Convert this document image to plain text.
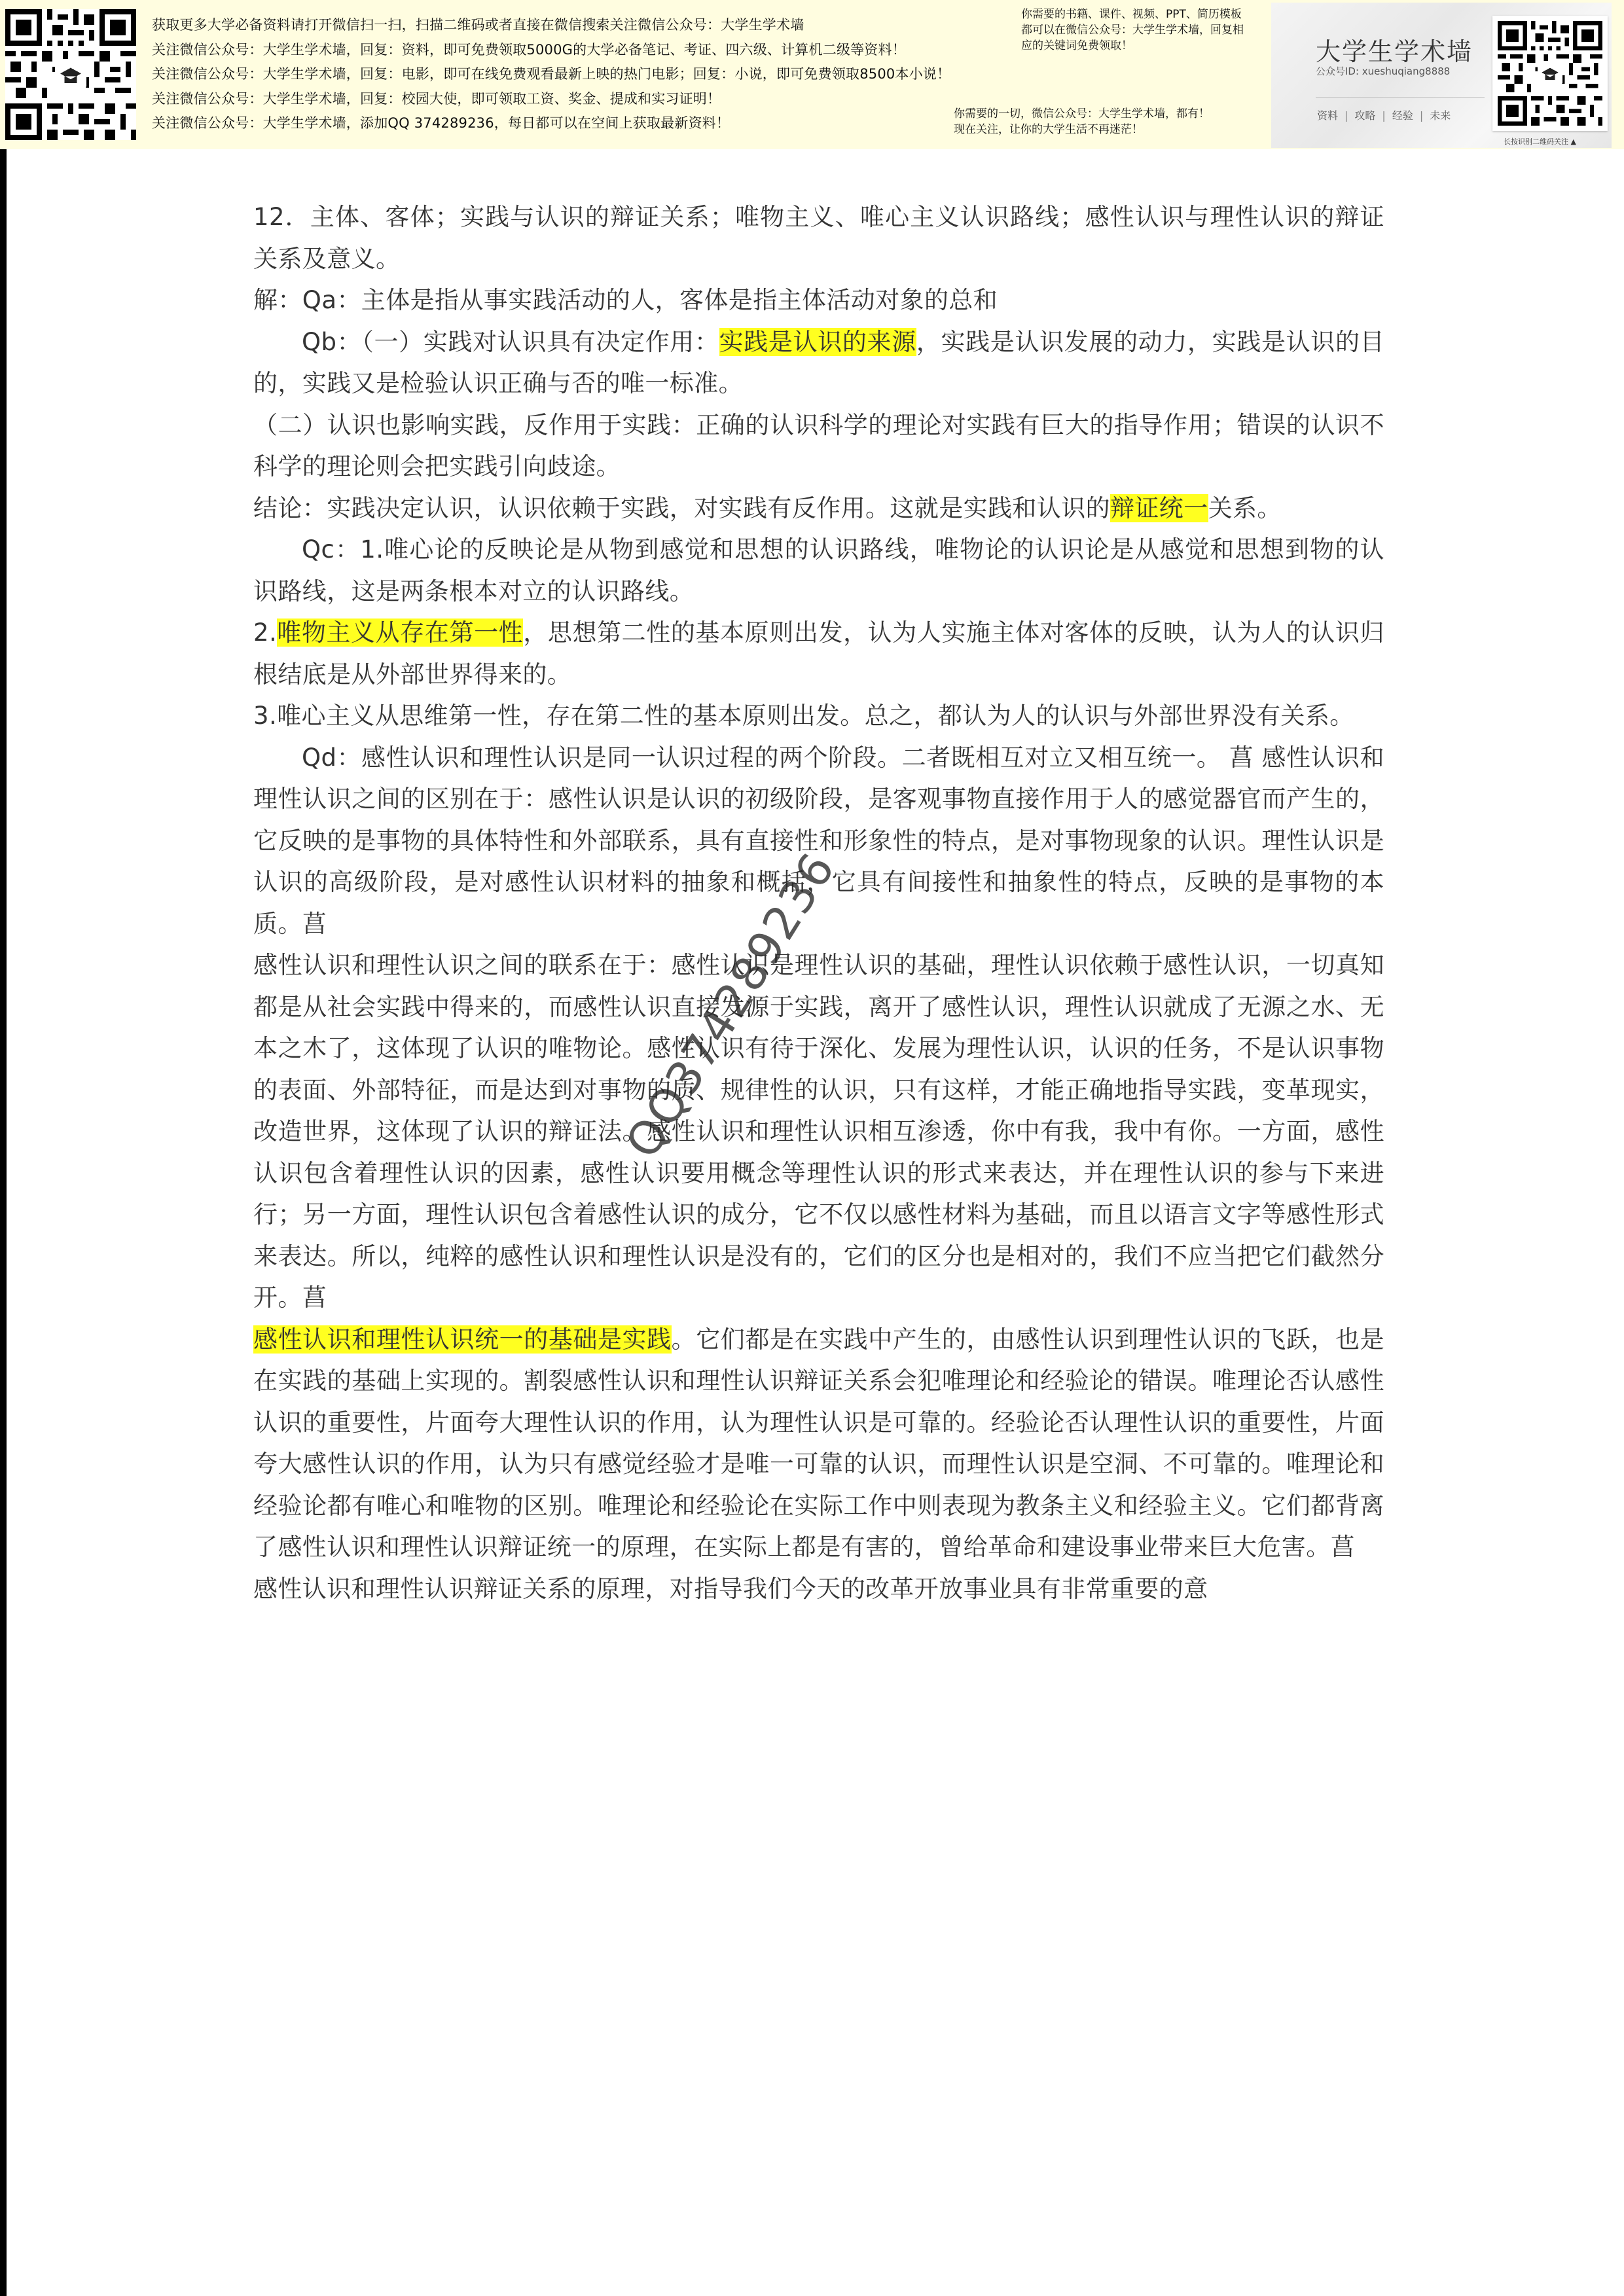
获取更多大学必备资料请打开微信扫一扫，扫描二维码或者直接在微信搜索关注微信公众号：大学生学术墙
关注微信公众号：大学生学术墙，回复：资料，即可免费领取5000G的大学必备笔记、考证、四六级、计算机二级等资料！
关注微信公众号：大学生学术墙，回复：电影，即可在线免费观看最新上映的热门电影；回复：小说，即可免费领取8500本小说！
关注微信公众号：大学生学术墙，回复：校园大使，即可领取工资、奖金、提成和实习证明！
关注微信公众号：大学生学术墙，添加QQ 374289236，每日都可以在空间上获取最新资料！
你需要的书籍、课件、视频、PPT、简历模板
都可以在微信公众号：大学生学术墙，回复相
应的关键词免费领取！
你需要的一切，微信公众号：大学生学术墙，都有！
现在关注，让你的大学生活不再迷茫！
大学生学术墙
公众号ID: xueshuqiang8888
资料 | 攻略 | 经验 | 未来
长按识别二维码关注 ▲

12．主体、客体；实践与认识的辩证关系；唯物主义、唯心主义认识路线；感性认识与理性认识的辩证关系及意义。

解：Qa：主体是指从事实践活动的人，客体是指主体活动对象的总和

Qb：（一）实践对认识具有决定作用：实践是认识的来源，实践是认识发展的动力，实践是认识的目的，实践又是检验认识正确与否的唯一标准。

（二）认识也影响实践，反作用于实践：正确的认识科学的理论对实践有巨大的指导作用；错误的认识不科学的理论则会把实践引向歧途。

结论：实践决定认识，认识依赖于实践，对实践有反作用。这就是实践和认识的辩证统一关系。

Qc：1.唯心论的反映论是从物到感觉和思想的认识路线，唯物论的认识论是从感觉和思想到物的认识路线，这是两条根本对立的认识路线。

2.唯物主义从存在第一性，思想第二性的基本原则出发，认为人实施主体对客体的反映，认为人的认识归根结底是从外部世界得来的。

3.唯心主义从思维第一性，存在第二性的基本原则出发。总之，都认为人的认识与外部世界没有关系。

Qd：感性认识和理性认识是同一认识过程的两个阶段。二者既相互对立又相互统一。 菖 感性认识和理性认识之间的区别在于：感性认识是认识的初级阶段，是客观事物直接作用于人的感觉器官而产生的，它反映的是事物的具体特性和外部联系，具有直接性和形象性的特点，是对事物现象的认识。理性认识是认识的高级阶段，是对感性认识材料的抽象和概括，它具有间接性和抽象性的特点，反映的是事物的本质。菖

感性认识和理性认识之间的联系在于：感性认识是理性认识的基础，理性认识依赖于感性认识，一切真知都是从社会实践中得来的，而感性认识直接发源于实践，离开了感性认识，理性认识就成了无源之水、无本之木了，这体现了认识的唯物论。感性认识有待于深化、发展为理性认识，认识的任务，不是认识事物的表面、外部特征，而是达到对事物的质、规律性的认识，只有这样，才能正确地指导实践，变革现实，改造世界，这体现了认识的辩证法。感性认识和理性认识相互渗透，你中有我，我中有你。一方面，感性认识包含着理性认识的因素，感性认识要用概念等理性认识的形式来表达，并在理性认识的参与下来进行；另一方面，理性认识包含着感性认识的成分，它不仅以感性材料为基础，而且以语言文字等感性形式来表达。所以，纯粹的感性认识和理性认识是没有的，它们的区分也是相对的，我们不应当把它们截然分开。菖

感性认识和理性认识统一的基础是实践。它们都是在实践中产生的，由感性认识到理性认识的飞跃，也是在实践的基础上实现的。割裂感性认识和理性认识辩证关系会犯唯理论和经验论的错误。唯理论否认感性认识的重要性，片面夸大理性认识的作用，认为理性认识是可靠的。经验论否认理性认识的重要性，片面夸大感性认识的作用，认为只有感觉经验才是唯一可靠的认识，而理性认识是空洞、不可靠的。唯理论和经验论都有唯心和唯物的区别。唯理论和经验论在实际工作中则表现为教条主义和经验主义。它们都背离了感性认识和理性认识辩证统一的原理，在实际上都是有害的，曾给革命和建设事业带来巨大危害。菖

感性认识和理性认识辩证关系的原理，对指导我们今天的改革开放事业具有非常重要的意

QQ374289236
